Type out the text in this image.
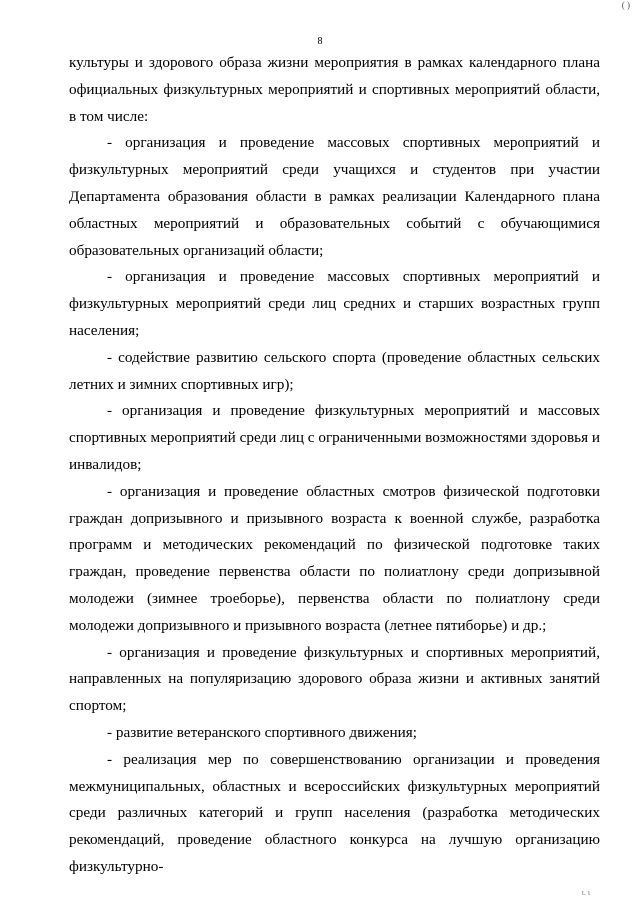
( )
8

культуры и здорового образа жизни мероприятия в рамках календарного плана официальных физкультурных мероприятий и спортивных мероприятий области, в том числе:

- организация и проведение массовых спортивных мероприятий и физкультурных мероприятий среди учащихся и студентов при участии Департамента образования области в рамках реализации Календарного плана областных мероприятий и образовательных событий с обучающимися образовательных организаций области;

- организация и проведение массовых спортивных мероприятий и физкультурных мероприятий среди лиц средних и старших возрастных групп населения;

- содействие развитию сельского спорта (проведение областных сельских летних и зимних спортивных игр);

- организация и проведение физкультурных мероприятий и массовых спортивных мероприятий среди лиц с ограниченными возможностями здоровья и инвалидов;

- организация и проведение областных смотров физической подготовки граждан допризывного и призывного возраста к военной службе, разработка программ и методических рекомендаций по физической подготовке таких граждан, проведение первенства области по полиатлону среди допризывной молодежи (зимнее троеборье), первенства области по полиатлону среди молодежи допризывного и призывного возраста (летнее пятиборье) и др.;

- организация и проведение физкультурных и спортивных мероприятий, направленных на популяризацию здорового образа жизни и активных занятий спортом;

- развитие ветеранского спортивного движения;

- реализация мер по совершенствованию организации и проведения межмуниципальных, областных и всероссийских физкультурных мероприятий среди различных категорий и групп населения (разработка методических рекомендаций, проведение областного конкурса на лучшую организацию физкультурно-

ι. ι
